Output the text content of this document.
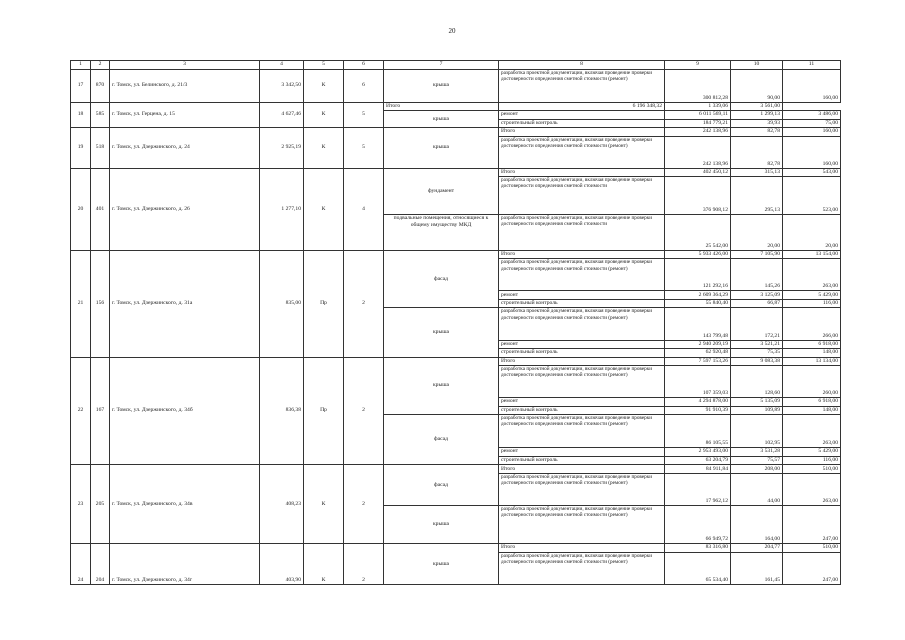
20
1	2	3	4	5	6	7	8	9	10	11
17	870	г. Томск, ул. Белинского, д. 21/3	3 342,50	К	6	крыша	разработка проектной документации, включая проведение проверки достоверности определения сметной стоимости (ремонт)	300 812,28	90,00	160,00
18	585	г. Томск, ул. Герцена, д. 15	4 627,46	К	5	Итого	6 196 348,32	1 339,06	3 561,00	
						крыша	ремонт	6 011 569,11	1 299,13	3 486,00
							строительный контроль	184 779,21	39,93	75,00
19	518	г. Томск, ул. Дзержинского, д. 24	2 925,19	К	5	крыша	Итого	242 138,96	82,78	160,00
							разработка проектной документации, включая проведение проверки достоверности определения сметной стоимости (ремонт)	242 138,96	82,78	160,00
20	401	г. Томск, ул. Дзержинского, д. 26	1 277,10	К	4	фундамент	Итого	402 450,12	315,13	543,00
							разработка проектной документации, включая проведение проверки достоверности определения сметной стоимости	376 908,12	295,13	523,00
						подвальные помещения, относящиеся к общему имуществу МКД	разработка проектной документации, включая проведение проверки достоверности определения сметной стоимости	25 542,00	20,00	20,00
21	156	г. Томск, ул. Дзержинского, д. 31а	835,00	Пр	2	фасад	Итого	5 933 426,00	7 105,90	13 154,00
							разработка проектной документации, включая проведение проверки достоверности определения сметной стоимости (ремонт)	121 292,16	145,26	263,00
							ремонт	2 609 364,29	3 125,09	5 429,00
							строительный контроль	55 840,40	66,87	116,00
						крыша	разработка проектной документации, включая проведение проверки достоверности определения сметной стоимости (ремонт)	143 799,48	172,21	266,00
							ремонт	2 940 209,19	3 521,21	6 918,00
							строительный контроль	62 920,48	75,35	148,00
22	167	г. Томск, ул. Дзержинского, д. 34б	836,38	Пр	2	крыша	Итого	7 597 153,26	9 083,38	13 134,00
							разработка проектной документации, включая проведение проверки достоверности определения сметной стоимости (ремонт)	107 359,03	128,60	260,00
							ремонт	4 294 878,00	5 135,09	6 918,00
							строительный контроль	91 910,39	109,89	148,00
						фасад	разработка проектной документации, включая проведение проверки достоверности определения сметной стоимости (ремонт)	86 105,55	102,95	263,00
							ремонт	2 953 493,00	3 531,28	5 429,00
							строительный контроль	63 204,79	75,57	116,00
23	205	г. Томск, ул. Дзержинского, д. 34в	408,23	К	2	фасад	Итого	84 911,84	208,00	510,00
							разработка проектной документации, включая проведение проверки достоверности определения сметной стоимости (ремонт)	17 962,12	44,00	263,00
						крыша	разработка проектной документации, включая проведение проверки достоверности определения сметной стоимости (ремонт)	66 949,72	164,00	247,00
24	204	г. Томск, ул. Дзержинского, д. 34г	403,90	К	2	крыша	Итого	83 316,80	204,77	510,00
							разработка проектной документации, включая проведение проверки достоверности определения сметной стоимости (ремонт)	65 534,40	161,45	247,00
